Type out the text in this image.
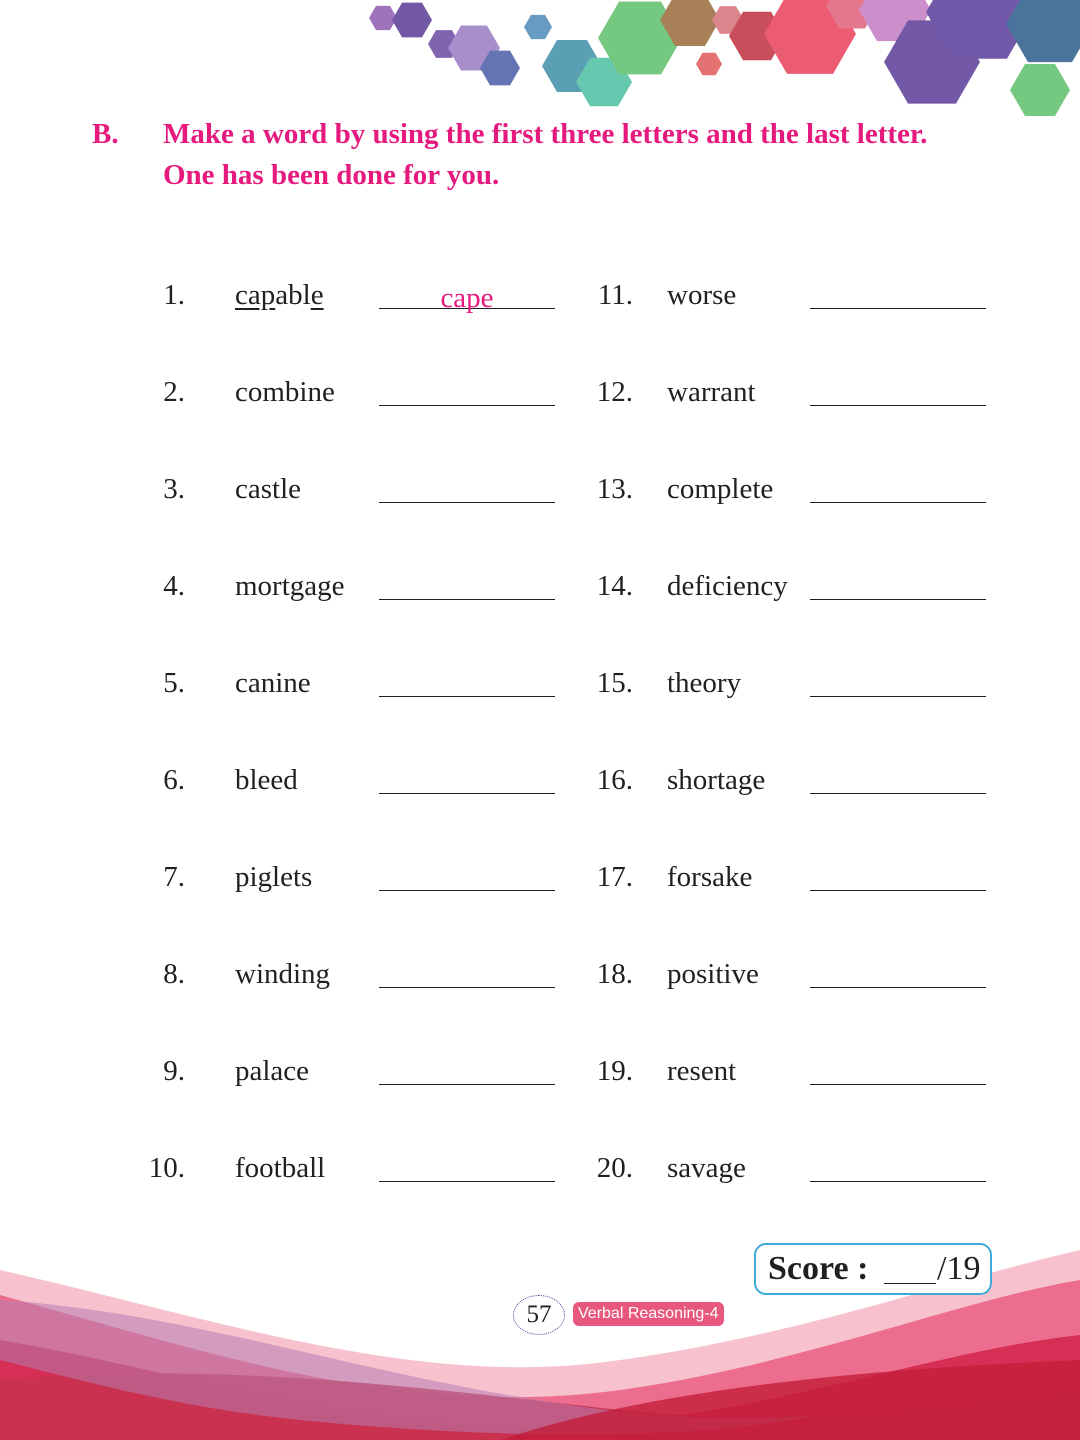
B. Make a word by using the first three letters and the last letter.
One has been done for you.
1. capable	cape
2. combine
3. castle
4. mortgage
5. canine
6. bleed
7. piglets
8. winding
9. palace
10. football
11. worse
12. warrant
13. complete
14. deficiency
15. theory
16. shortage
17. forsake
18. positive
19. resent
20. savage
Score : /19
57	Verbal Reasoning-4
